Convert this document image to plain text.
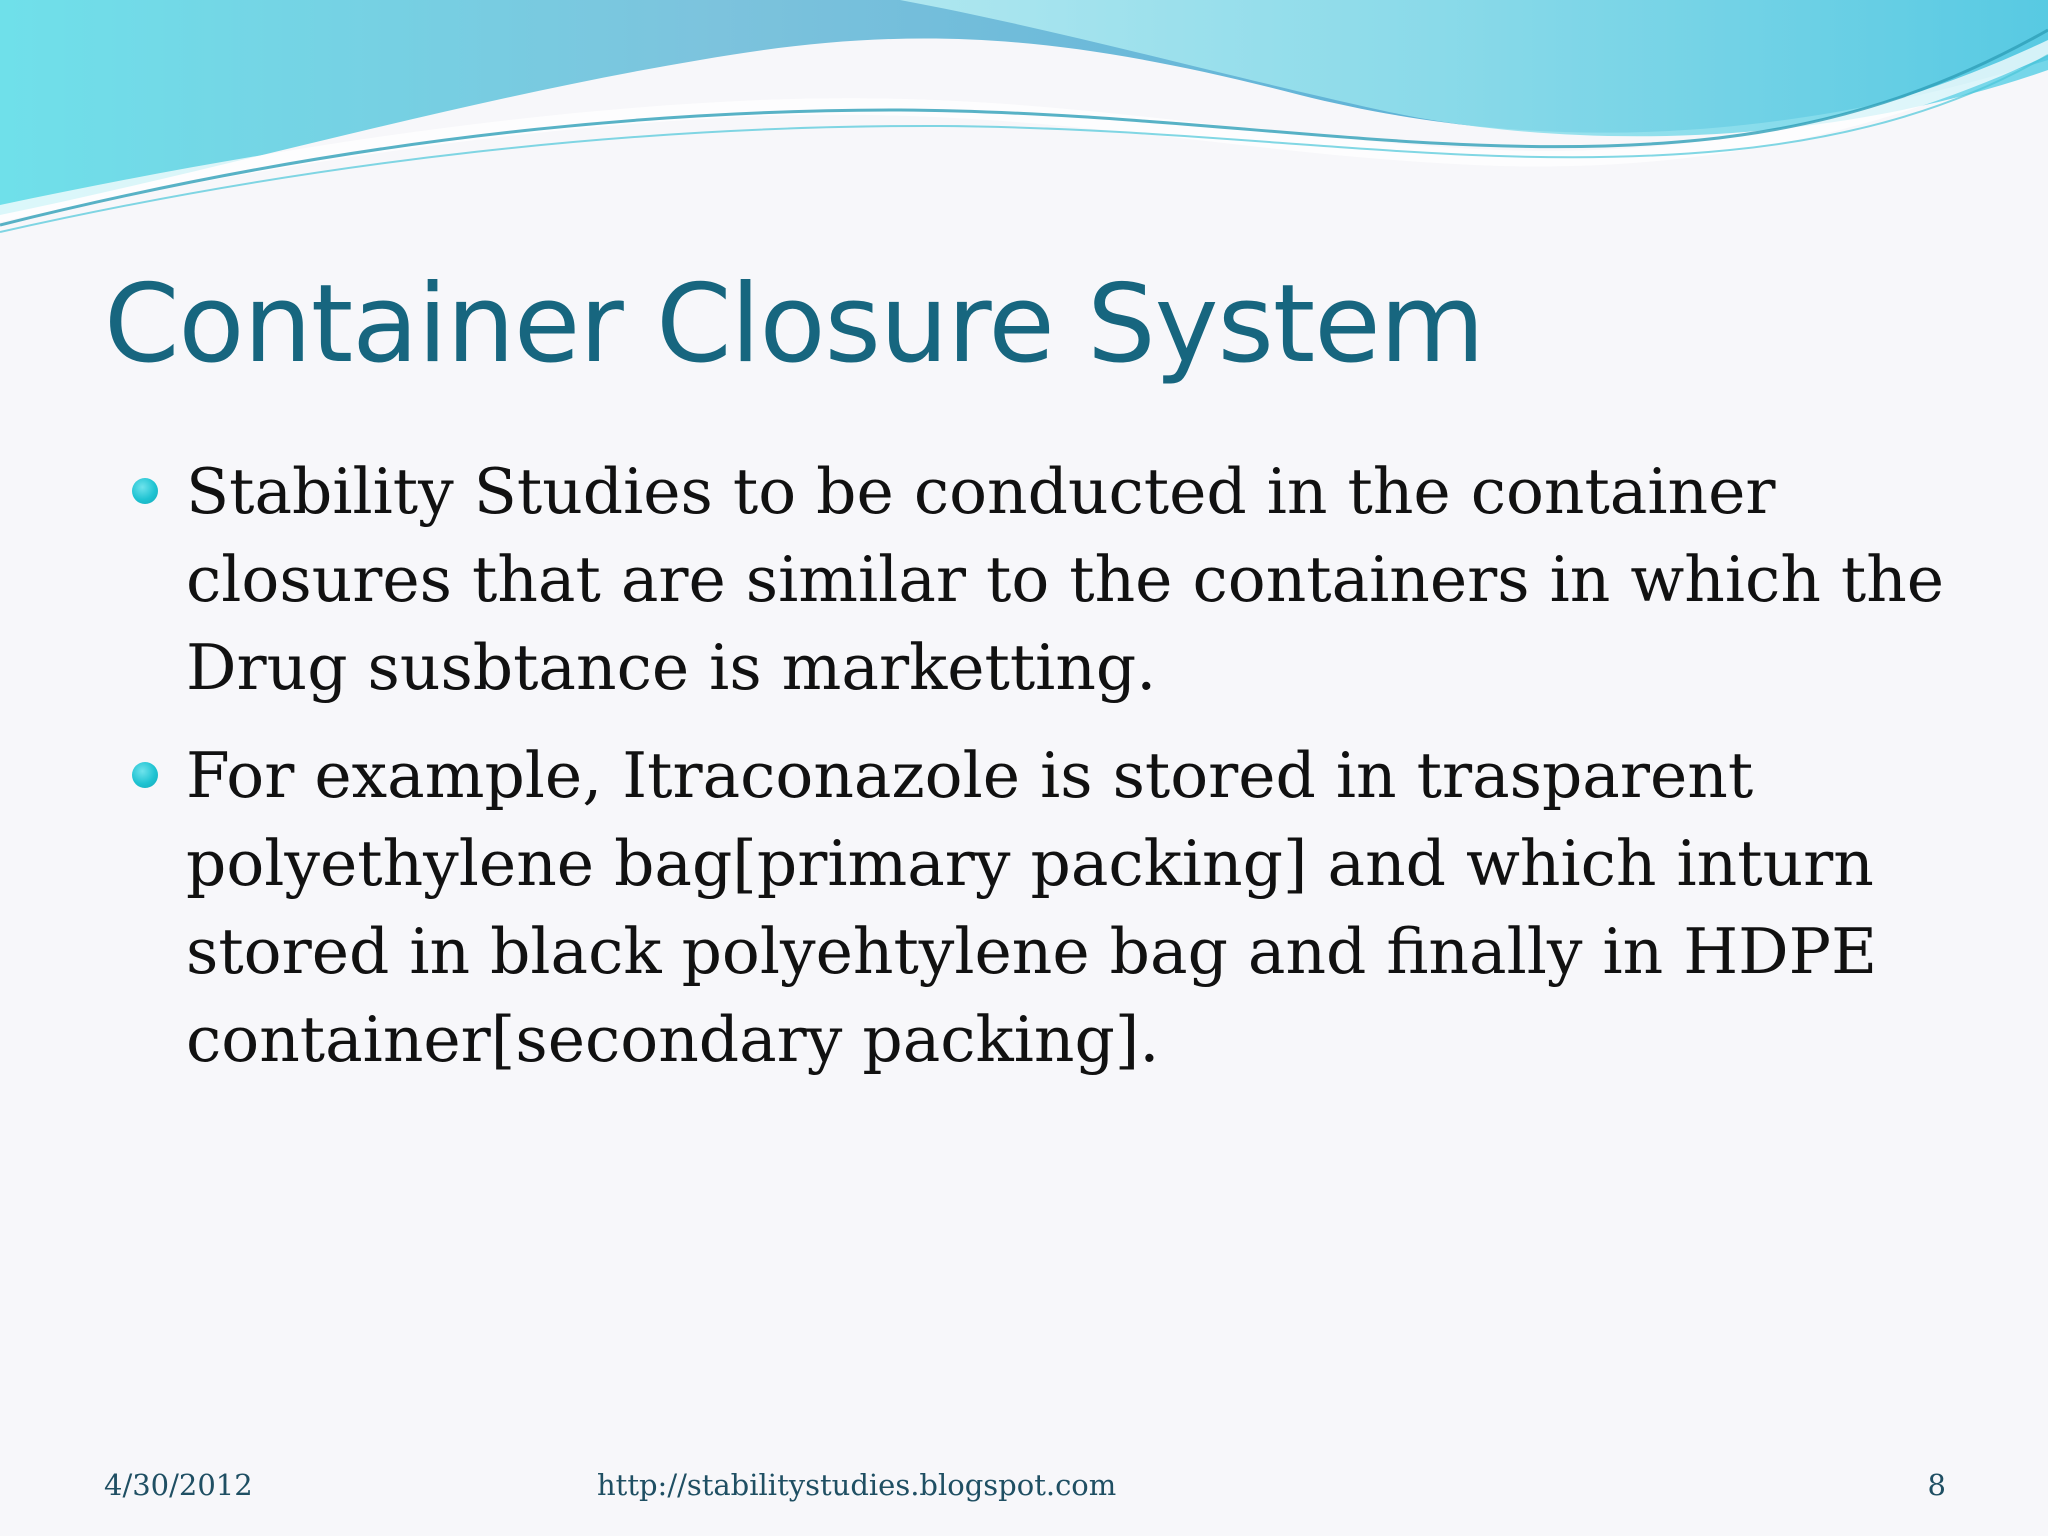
Container Closure System
Stability Studies to be conducted in the container closures that are similar to the containers in which the Drug susbtance is marketting.
For example, Itraconazole is stored in trasparent polyethylene bag[primary packing] and which inturn stored in black polyehtylene bag and finally in HDPE container[secondary packing].
4/30/2012	http://stabilitystudies.blogspot.com	8
